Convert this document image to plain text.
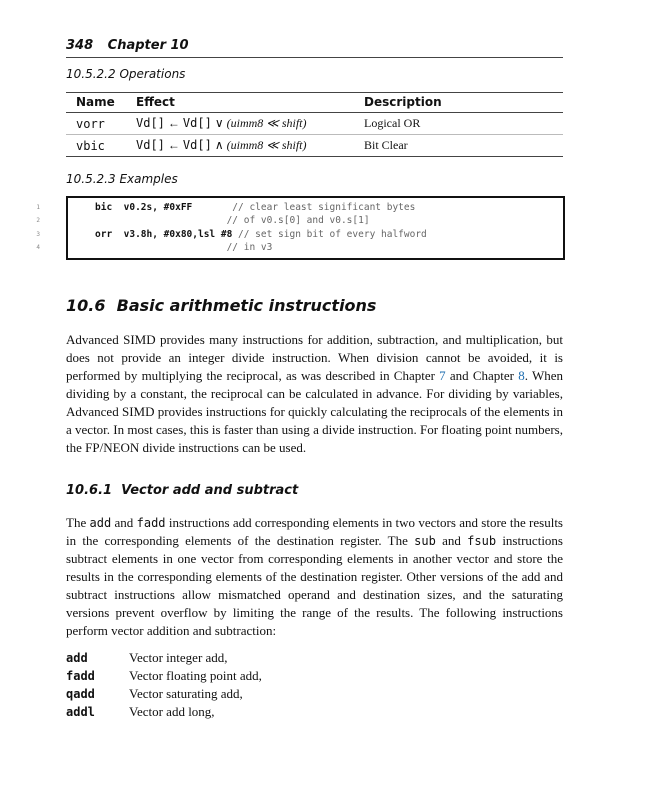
348 Chapter 10
10.5.2.2 Operations
Name	Effect	Description
vorr	Vd[] ← Vd[] ∨ (uimm8 ≪ shift)	Logical OR
vbic	Vd[] ← Vd[] ∧ (uimm8 ≪ shift)	Bit Clear
10.5.2.3 Examples
1
2
3
4
bic v0.2s, #0xFF       // clear least significant bytes
// of v0.s[0] and v0.s[1]
orr v3.8h, #0x80,lsl #8 // set sign bit of every halfword
// in v3
10.6 Basic arithmetic instructions

Advanced SIMD provides many instructions for addition, subtraction, and multiplication, but does not provide an integer divide instruction. When division cannot be avoided, it is performed by multiplying the reciprocal, as was described in Chapter 7 and Chapter 8. When dividing by a constant, the reciprocal can be calculated in advance. For dividing by variables, Advanced SIMD provides instructions for quickly calculating the reciprocals of the elements in a vector. In most cases, this is faster than using a divide instruction. For floating point numbers, the FP/NEON divide instructions can be used.

10.6.1 Vector add and subtract

The add and fadd instructions add corresponding elements in two vectors and store the results in the corresponding elements of the destination register. The sub and fsub instructions subtract elements in one vector from corresponding elements in another vector and store the results in the corresponding elements of the destination register. Other versions of the add and subtract instructions allow mismatched operand and destination sizes, and the saturating versions prevent overflow by limiting the range of the results. The following instructions perform vector addition and subtraction:

add	Vector integer add,
fadd	Vector floating point add,
qadd	Vector saturating add,
addl	Vector add long,
